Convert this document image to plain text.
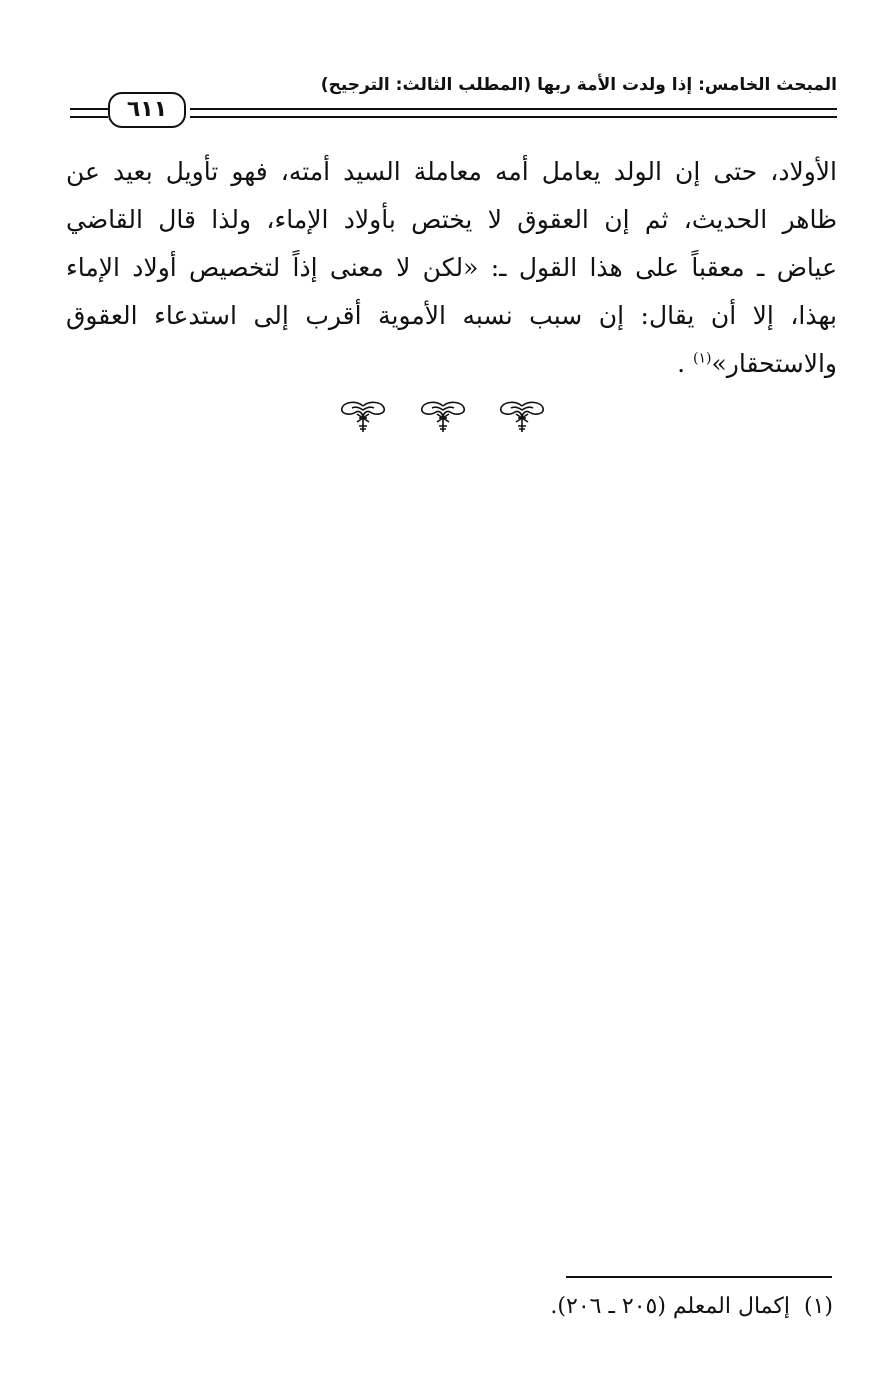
المبحث الخامس: إذا ولدت الأمة ربها (المطلب الثالث: الترجيح)
٦١١
الأولاد، حتى إن الولد يعامل أمه معاملة السيد أمته، فهو تأويل بعيد عن
ظاهر الحديث، ثم إن العقوق لا يختص بأولاد الإماء، ولذا قال القاضي
عياض ـ معقباً على هذا القول ـ: «لكن لا معنى إذاً لتخصيص أولاد الإماء
بهذا، إلا أن يقال: إن سبب نسبه الأموية أقرب إلى استدعاء العقوق
والاستحقار»$^{(١)}$ .

(١)إكمال المعلم (٢٠٥ ـ ٢٠٦).
